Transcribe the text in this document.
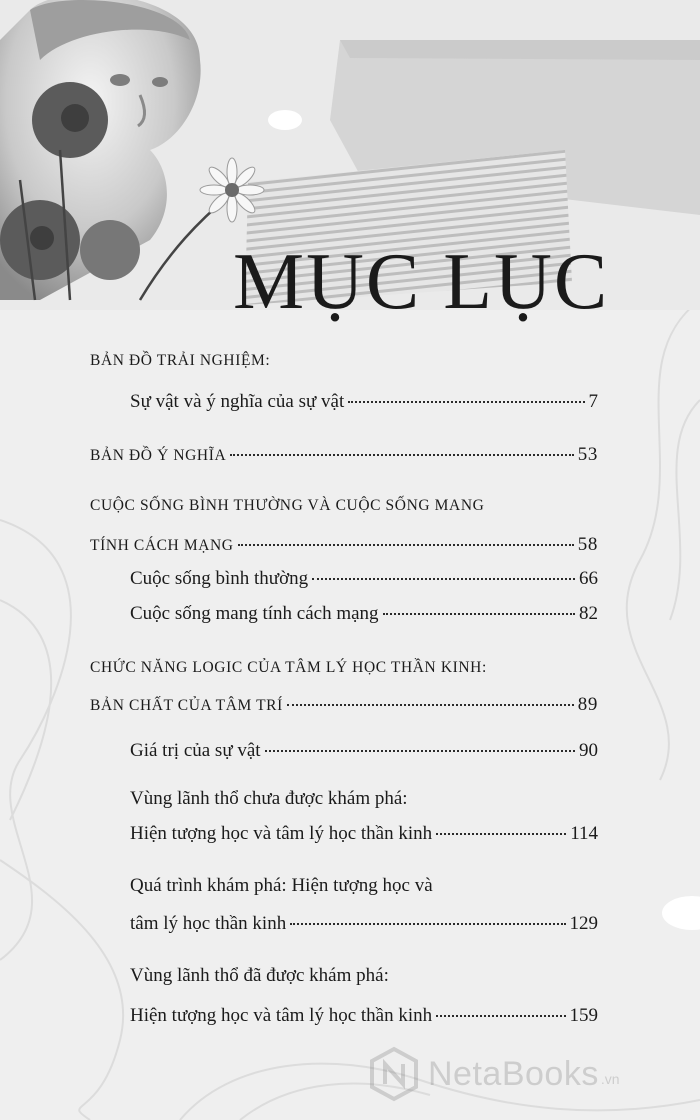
MỤC LỤC
BẢN ĐỒ TRẢI NGHIỆM:
Sự vật và ý nghĩa của sự vật	7
BẢN ĐỒ Ý NGHĨA	53
CUỘC SỐNG BÌNH THƯỜNG VÀ CUỘC SỐNG MANG
TÍNH CÁCH MẠNG	58
Cuộc sống bình thường	66
Cuộc sống mang tính cách mạng	82
CHỨC NĂNG LOGIC CỦA TÂM LÝ HỌC THẦN KINH:
BẢN CHẤT CỦA TÂM TRÍ	89
Giá trị của sự vật	90
Vùng lãnh thổ chưa được khám phá:
Hiện tượng học và tâm lý học thần kinh	114
Quá trình khám phá: Hiện tượng học và
tâm lý học thần kinh	129
Vùng lãnh thổ đã được khám phá:
Hiện tượng học và tâm lý học thần kinh	159
NetaBooks .vn
